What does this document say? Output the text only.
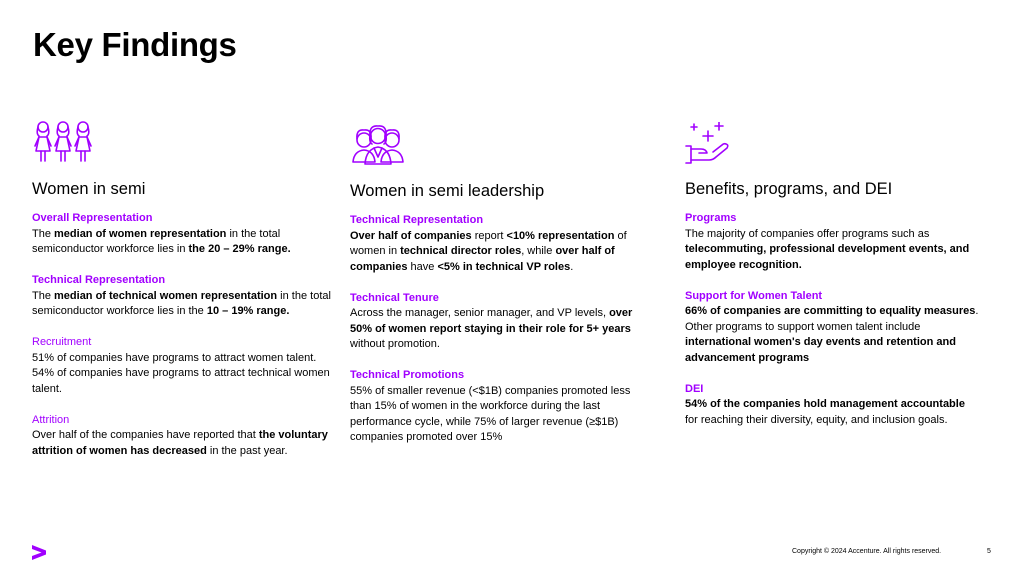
Key Findings
Women in semi
Overall Representation

The median of women representation in the total semiconductor workforce lies in the 20 – 29% range.

Technical Representation

The median of technical women representation in the total semiconductor workforce lies in the 10 – 19% range.

Recruitment

51% of companies have programs to attract women talent. 54% of companies have programs to attract technical women talent.

Attrition

Over half of the companies have reported that the voluntary attrition of women has decreased in the past year.

Women in semi leadership
Technical Representation

Over half of companies report <10% representation of women in technical director roles, while over half of companies have <5% in technical VP roles.

Technical Tenure

Across the manager, senior manager, and VP levels, over 50% of women report staying in their role for 5+ years without promotion.

Technical Promotions

55% of smaller revenue (<$1B) companies promoted less than 15% of women in the workforce during the last performance cycle, while 75% of larger revenue (≥$1B) companies promoted over 15%

Benefits, programs, and DEI
Programs

The majority of companies offer programs such as telecommuting, professional development events, and employee recognition.

Support for Women Talent

66% of companies are committing to equality measures. Other programs to support women talent include international women's day events and retention and advancement programs

DEI

54% of the companies hold management accountable for reaching their diversity, equity, and inclusion goals.

Copyright © 2024 Accenture. All rights reserved.	5
